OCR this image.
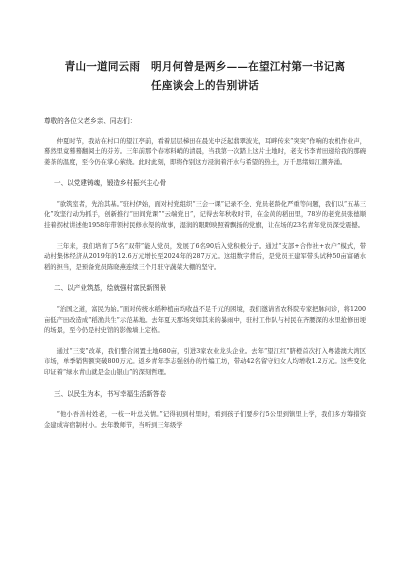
青山一道同云雨　明月何曾是两乡——在望江村第一书记离
任座谈会上的告别讲话
尊敬的各位父老乡亲、同志们：

仲夏时节，我站在村口的望江亭前，看着层层梯田在晨光中泛起翡翠波光，耳畔传来“突突”作响的农机作业声，蓦然里竟蓦蓦翻阅土的芬芳。三年前那个春寒料峭的清晨，当我第一次踏上这片土地时，老支书李青田递给我的那碗姜茶的温度，至今仍在掌心萦绕。此时此刻，即将作别这方浸润着汗水与希望的热土，万千思绪如江潮奔涌。

一、以党建铸魂，锻造乡村振兴主心骨

“欲筑室者，先治其基。”驻村伊始，面对村党组织“三会一课”记录不全、党员老龄化严重等问题，我们以“五基三化”攻坚行动为抓手，创新推行“田间党课”“云端党日”，记得去年秋收时节，在金黄的稻田里，78岁的老党员张德顺挂着拐杖讲述他1958年带领村民修水渠的故事，湿润的眼眶映照着飘扬的党旗，让在场的23名青年党员深受震撼。

三年来，我们培育了5名“双带”能人党员，发展了6名90后入党积极分子。通过“支部+合作社+农户”模式，带动村集体经济从2019年的12.6万元增长至2024年的287万元。这组数字背后，是党员王建军带头试种50亩富硒水稻的担当，是预备党员陈晓燕连续三个月驻守蔬菜大棚的坚守。

二、以产业筑基，绘就强村富民新图景

“治国之道，富民为始。”面对传统水稻种植亩均收益不足千元的困境，我们邀请省农科院专家把脉问诊，将1200亩低产田改造成“稻渔共生”示范基地。去年夏天那场突如其来的暴雨中，驻村工作队与村民在齐腰深的水里抢修田埂的场景，至今仍是村史馆的影像墙上定格。

通过“三变”改革，我们整合闲置土地680亩，引进3家农业龙头企业。去年“望江红”脐橙首次打入粤港澳大湾区市场，单季销售额突破800万元。返乡青年李志强创办的竹编工坊，带动42名留守妇女人均增收1.2万元。这些变化印证着“绿水青山就是金山银山”的深刻哲理。

三、以民生为本，书写幸福生活新答卷

“他小吾善村姓老，一枝一叶总关情。”记得初到村里时，看到孩子们要步行5公里到镇里上学，我们多方筹措资金建成寄宿制村小。去年教师节，当听到三年级学
